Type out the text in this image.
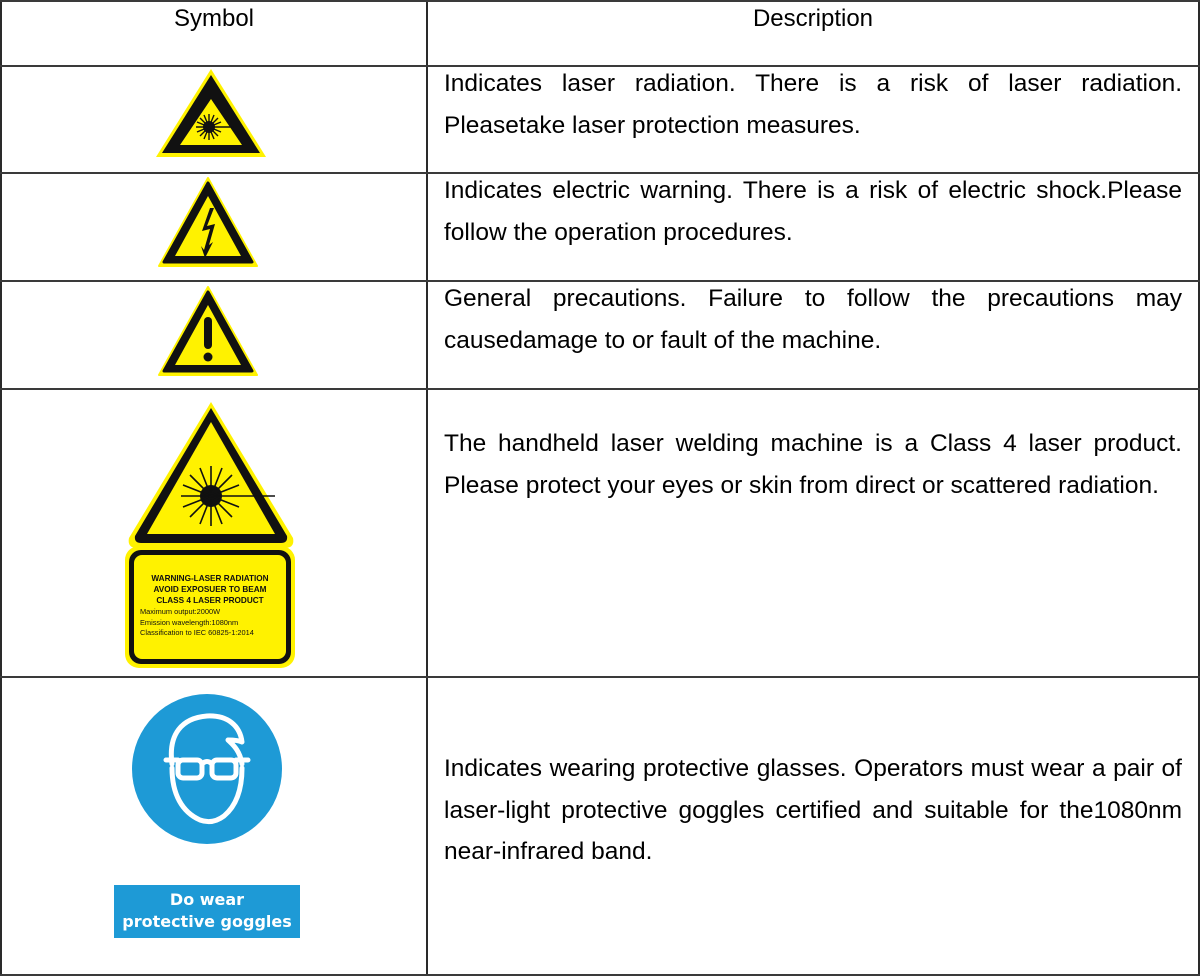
Symbol	Description
Indicates laser radiation. There is a risk of laser radiation. Pleasetake laser protection measures.
Indicates electric warning. There is a risk of electric shock.Please follow the operation procedures.
General precautions. Failure to follow the precautions may causedamage to or fault of the machine.
WARNING-LASER RADIATION
AVOID EXPOSUER TO BEAM
CLASS 4 LASER PRODUCT
Maximum output:2000W
Emission wavelength:1080nm
Classification to IEC 60825-1:2014
The handheld laser welding machine is a Class 4 laser product. Please protect your eyes or skin from direct or scattered radiation.
Do wear
protective goggles
Indicates wearing protective glasses. Operators must wear a pair of laser-light protective goggles certified and suitable for the1080nm near-infrared band.
